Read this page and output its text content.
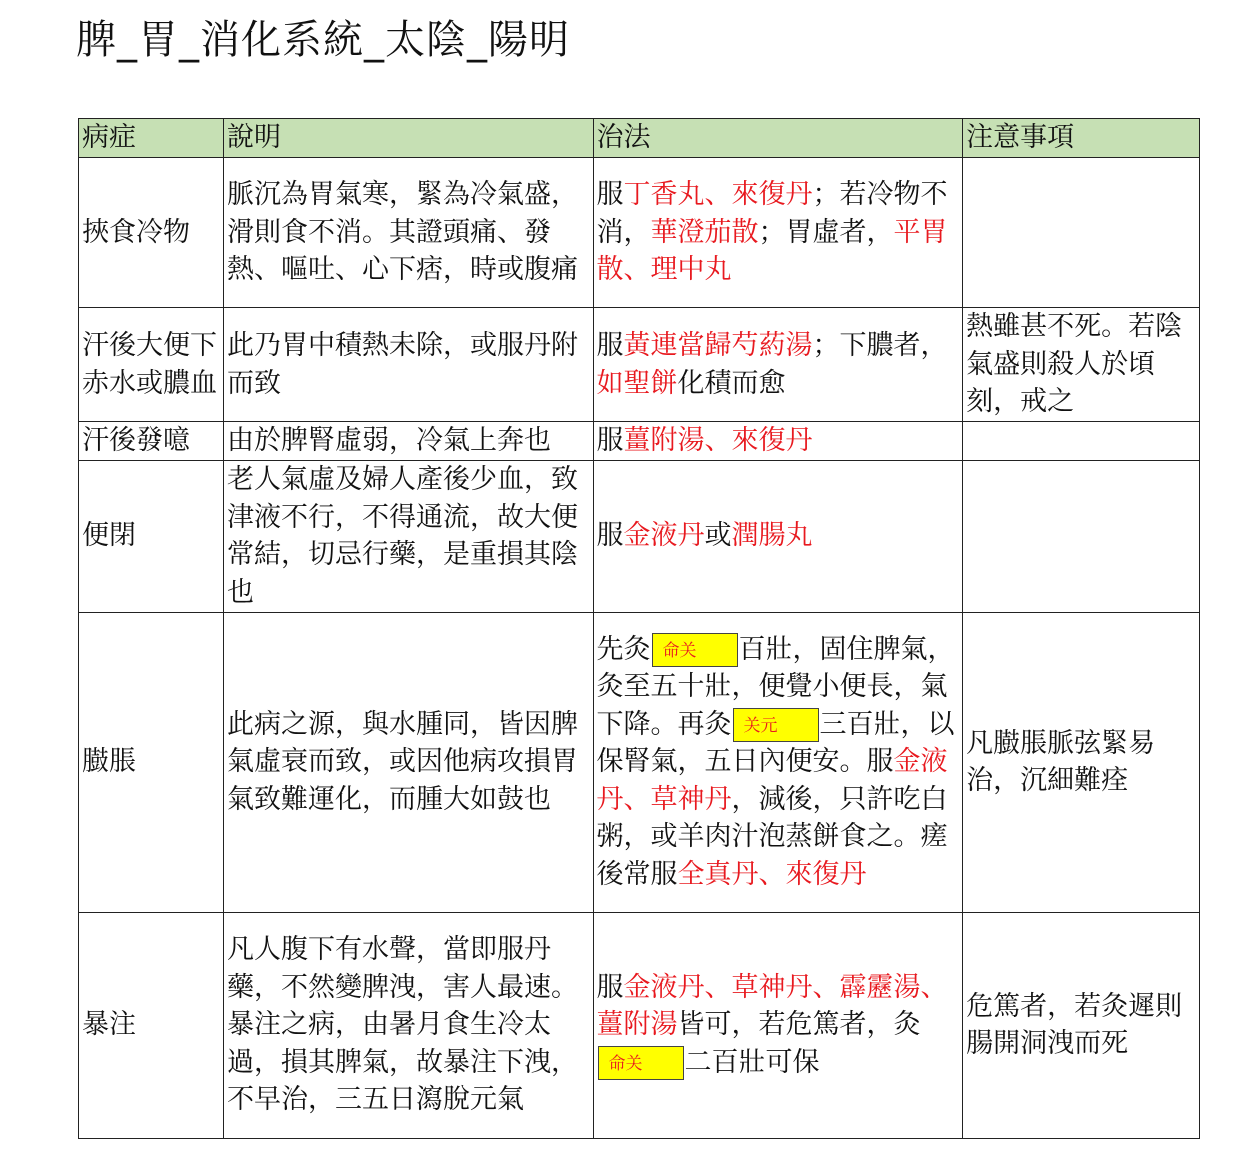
脾_胃_消化系統_太陰_陽明
病症	說明	治法	注意事項
挾食冷物	脈沉為胃氣寒，緊為冷氣盛，滑則食不消。其證頭痛、發熱、嘔吐、心下痞，時或腹痛	服丁香丸、來復丹；若冷物不消，華澄茄散；胃虛者，平胃散、理中丸	
汗後大便下赤水或膿血	此乃胃中積熱未除，或服丹附而致	服黃連當歸芍葯湯；下膿者，如聖餅化積而愈	熱雖甚不死。若陰氣盛則殺人於頃刻，戒之
汗後發噫	由於脾腎虛弱，冷氣上奔也	服薑附湯、來復丹	
便閉	老人氣虛及婦人產後少血，致津液不行，不得通流，故大便常結，切忌行藥，是重損其陰也	服金液丹或潤腸丸	
臌脹	此病之源，與水腫同，皆因脾氣虛衰而致，或因他病攻損胃氣致難運化，而腫大如鼓也	先灸 命关 百壯，固住脾氣，灸至五十壯，便覺小便長，氣下降。再灸 关元 三百壯，以保腎氣，五日內便安。服金液丹、草神丹，減後，只許吃白粥，或羊肉汁泡蒸餅食之。瘥後常服全真丹、來復丹	凡臌脹脈弦緊易治，沉細難痊
暴注	凡人腹下有水聲，當即服丹藥，不然變脾洩，害人最速。暴注之病，由暑月食生冷太過，損其脾氣，故暴注下洩，不早治，三五日瀉脫元氣	服金液丹、草神丹、霹靂湯、薑附湯皆可，若危篤者，灸命关 二百壯可保	危篤者，若灸遲則腸開洞洩而死
